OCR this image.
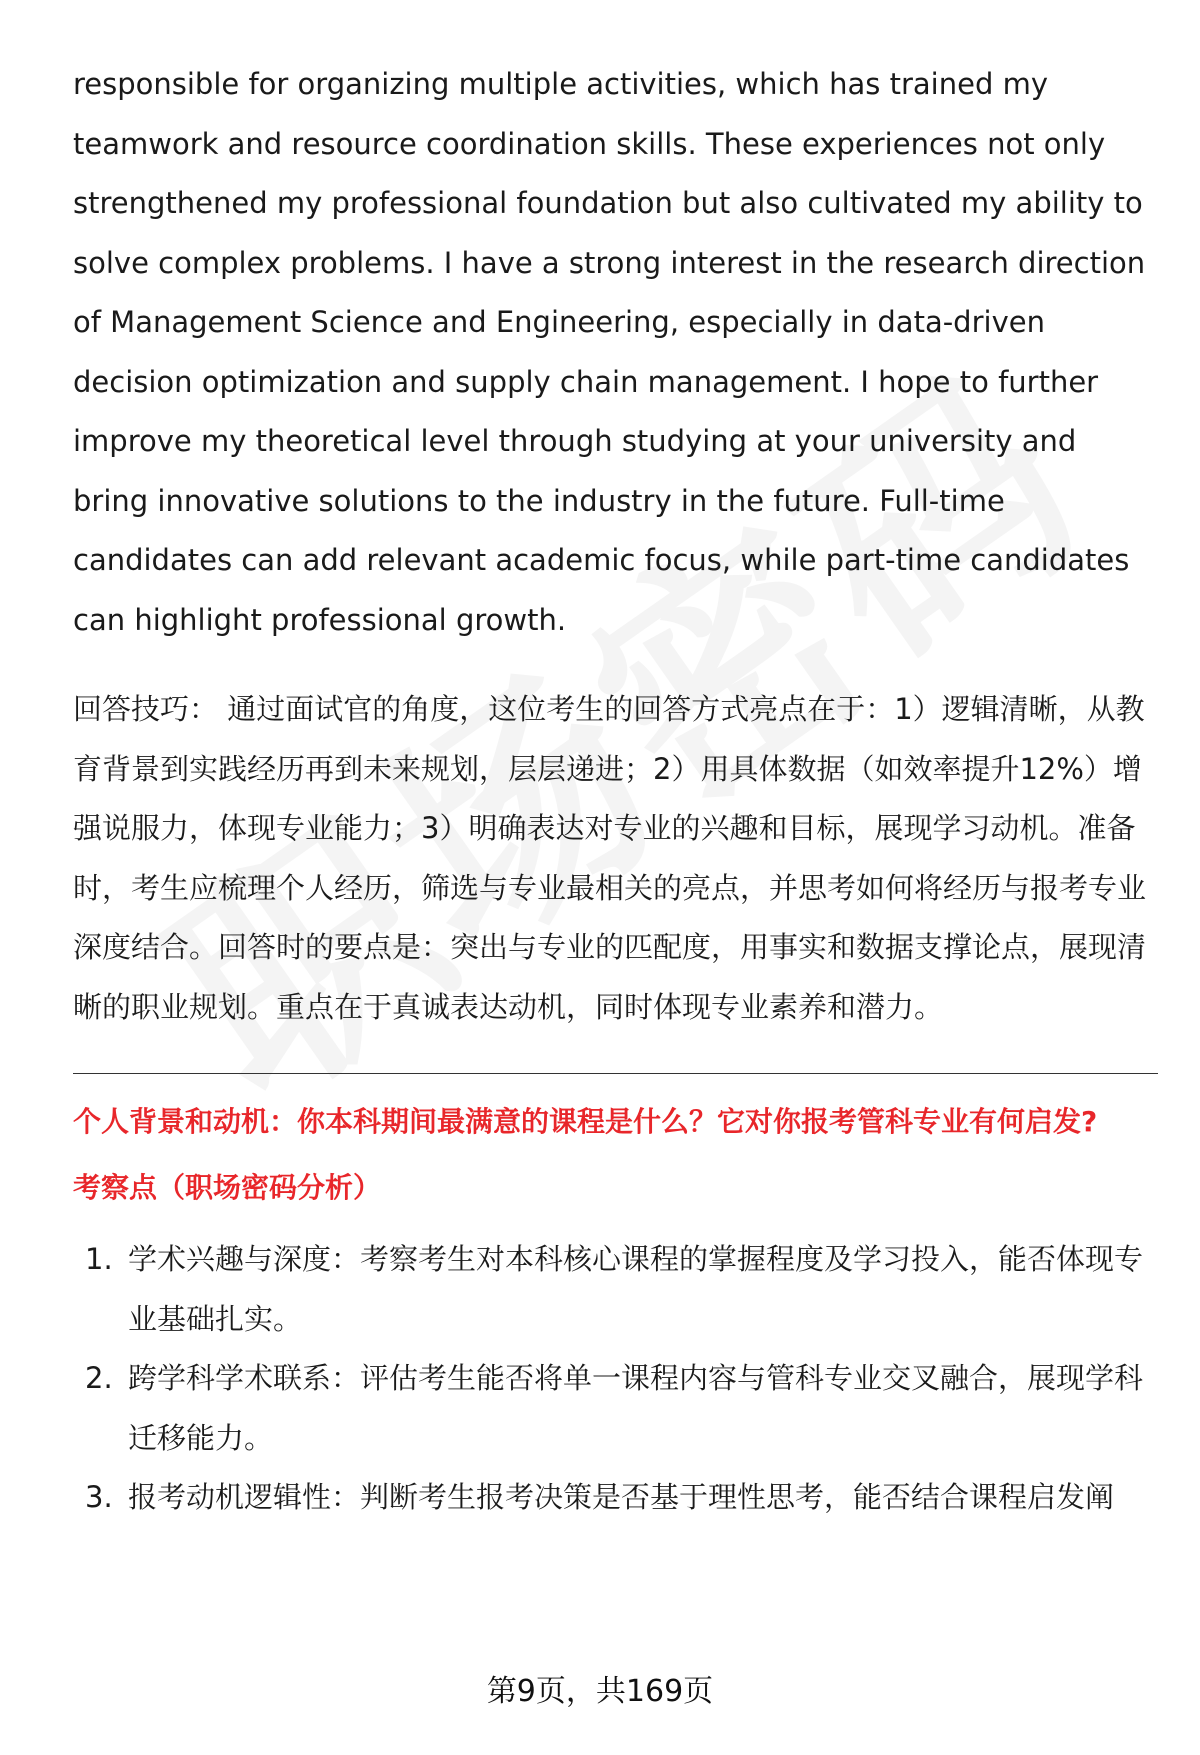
responsible for organizing multiple activities, which has trained my teamwork and resource coordination skills. These experiences not only strengthened my professional foundation but also cultivated my ability to solve complex problems. I have a strong interest in the research direction of Management Science and Engineering, especially in data-driven decision optimization and supply chain management. I hope to further improve my theoretical level through studying at your university and bring innovative solutions to the industry in the future. Full-time candidates can add relevant academic focus, while part-time candidates can highlight professional growth.

回答技巧： 通过面试官的角度，这位考生的回答方式亮点在于：1）逻辑清晰，从教育背景到实践经历再到未来规划，层层递进；2）用具体数据（如效率提升12%）增强说服力，体现专业能力；3）明确表达对专业的兴趣和目标，展现学习动机。准备时，考生应梳理个人经历，筛选与专业最相关的亮点，并思考如何将经历与报考专业深度结合。回答时的要点是：突出与专业的匹配度，用事实和数据支撑论点，展现清晰的职业规划。重点在于真诚表达动机，同时体现专业素养和潜力。

个人背景和动机：你本科期间最满意的课程是什么？它对你报考管科专业有何启发?
考察点（职场密码分析）
1. 学术兴趣与深度：考察考生对本科核心课程的掌握程度及学习投入，能否体现专业基础扎实。
2. 跨学科学术联系：评估考生能否将单一课程内容与管科专业交叉融合，展现学科迁移能力。
3. 报考动机逻辑性：判断考生报考决策是否基于理性思考，能否结合课程启发阐
第9页，共169页
